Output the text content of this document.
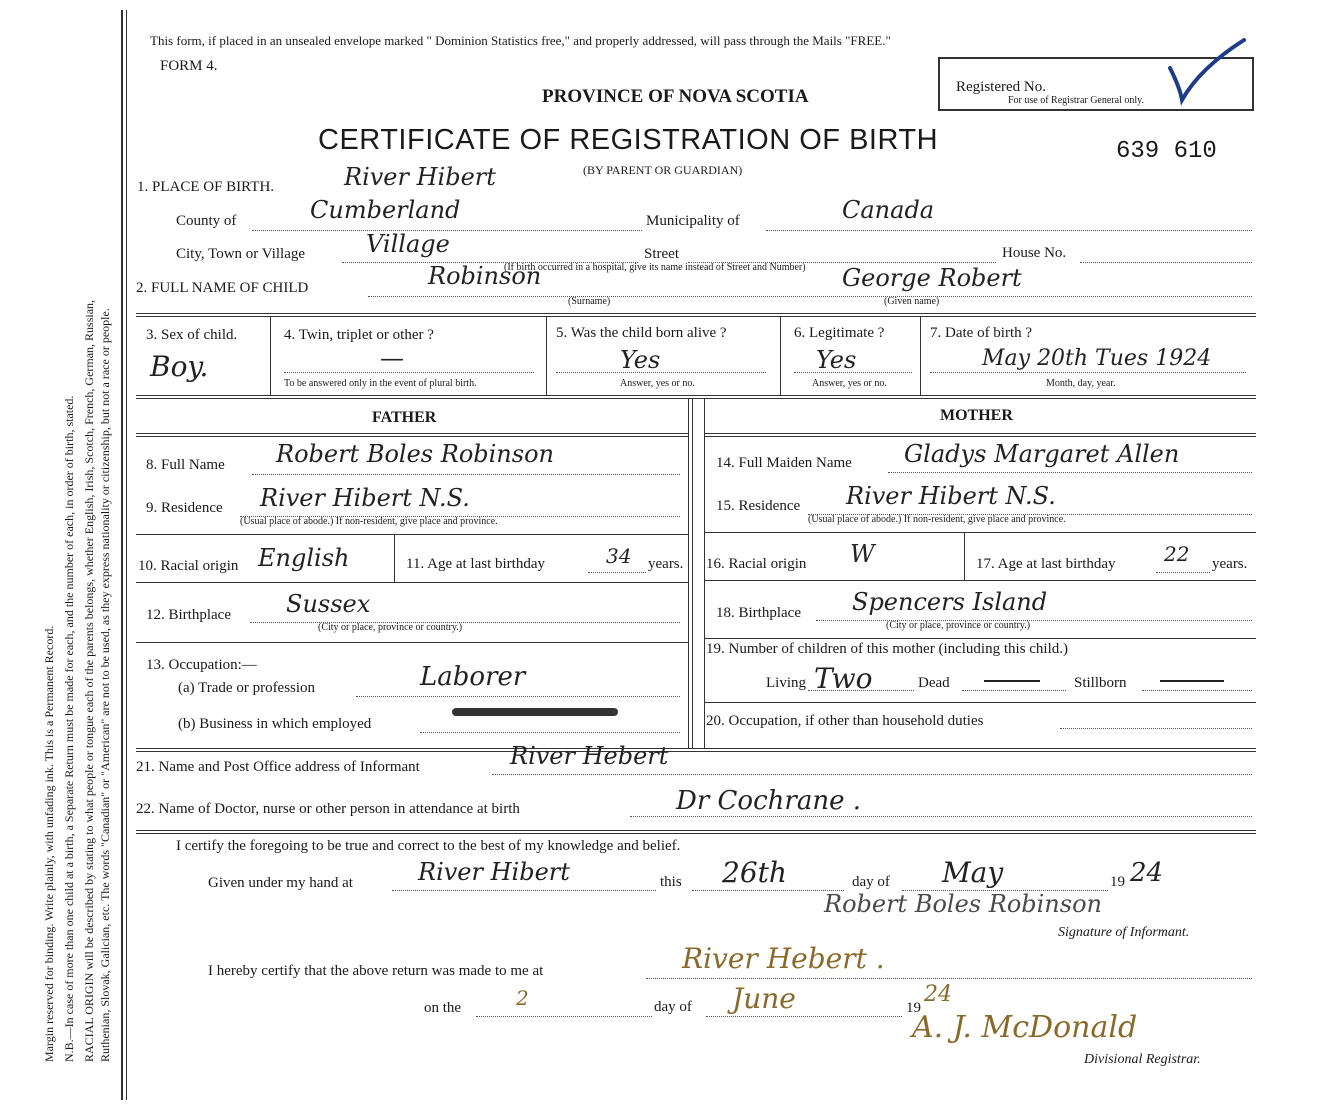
Margin reserved for binding. Write plainly, with unfading ink. This is a Permanent Record. N.B.—In case of more than one child at a birth, a Separate Return must be made for each, and the number of each, in order of birth, stated. RACIAL ORIGIN will be described by stating to what people or tongue each of the parents belongs, whether English, Irish, Scotch, French, German, Russian, Ruthenian, Slovak, Galician, etc. The words "Canadian" or "American" are not to be used, as they express nationality or citizenship, but not a race or people.
This form, if placed in an unsealed envelope marked " Dominion Statistics free," and properly addressed, will pass through the Mails "FREE."
FORM 4.
PROVINCE OF NOVA SCOTIA
CERTIFICATE OF REGISTRATION OF BIRTH
(BY PARENT OR GUARDIAN)
639 610
Registered No.
For use of Registrar General only.
1. PLACE OF BIRTH.	River Hibert
County of	Cumberland	Municipality of	Canada
City, Town or Village	Village	Street	House No.
(If birth occurred in a hospital, give its name instead of Street and Number)
2. FULL NAME OF CHILD	Robinson
(Surname)
George Robert
(Given name)
3. Sex of child.
Boy.
4. Twin, triplet or other ?
—
To be answered only in the event of plural birth.
5. Was the child born alive ?
Yes
Answer, yes or no.
6. Legitimate ?
Yes
Answer, yes or no.
7. Date of birth ?
May 20th Tues 1924
Month, day, year.
FATHER	MOTHER
8. Full Name Robert Boles Robinson
9. Residence River Hibert N.S.
(Usual place of abode.) If non-resident, give place and province.
10. Racial origin English	11. Age at last birthday	34 years.
12. Birthplace Sussex
(City or place, province or country.)
13. Occupation:—
(a) Trade or profession	Laborer
(b) Business in which employed
14. Full Maiden Name Gladys Margaret Allen
15. Residence River Hibert N.S.
(Usual place of abode.) If non-resident, give place and province.
16. Racial origin W	17. Age at last birthday 22 years.
18. Birthplace Spencers Island
(City or place, province or country.)
19. Number of children of this mother (including this child.)
Living Two	Dead	Stillborn
20. Occupation, if other than household duties
21. Name and Post Office address of Informant	River Hebert
22. Name of Doctor, nurse or other person in attendance at birth	Dr Cochrane .
I certify the foregoing to be true and correct to the best of my knowledge and belief.
Given under my hand at	River Hibert	this 26th	day of May	19 24
Robert Boles Robinson
Signature of Informant.
I hereby certify that the above return was made to me at	River Hebert .
on the	2	day of June	19
24
A. J. McDonald
Divisional Registrar.
